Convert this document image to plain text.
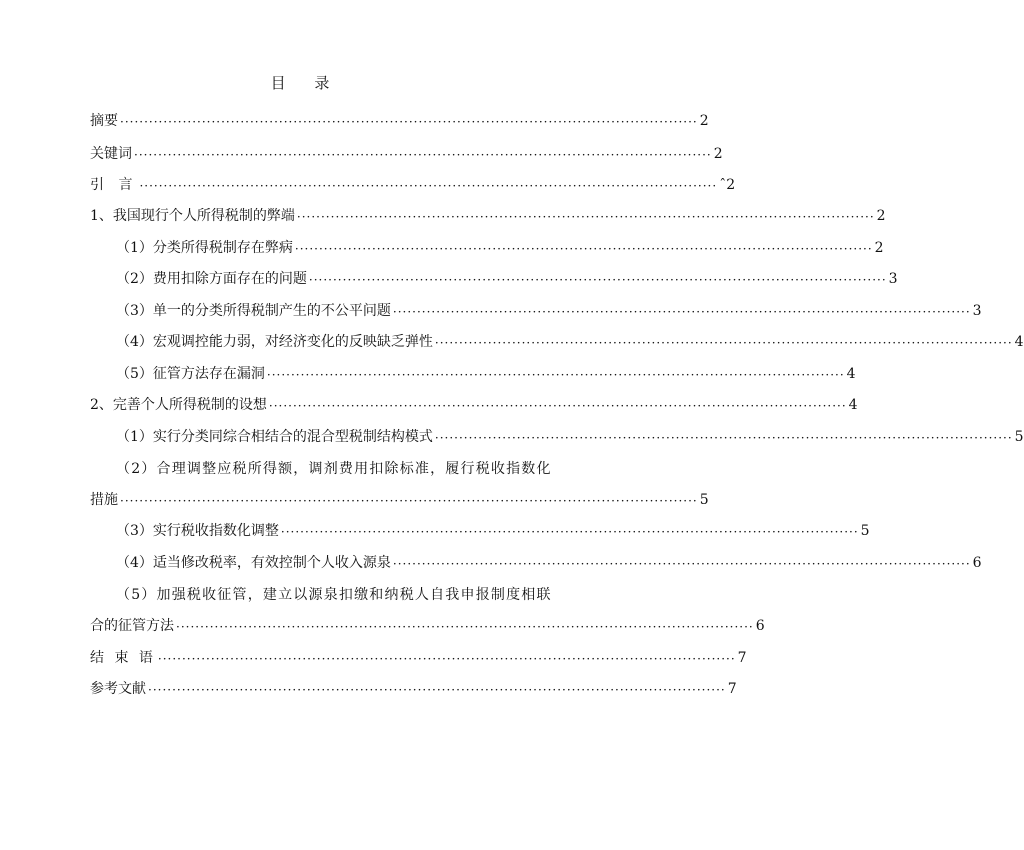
目 录
摘要 ························································································································ 2
关键词 ························································································································ 2
引 言 ························································································································ ˆ2
1、我国现行个人所得税制的弊端 ························································································································ 2
（1）分类所得税制存在弊病 ························································································································ 2
（2）费用扣除方面存在的问题 ························································································································ 3
（3）单一的分类所得税制产生的不公平问题 ························································································································ 3
（4）宏观调控能力弱，对经济变化的反映缺乏弹性 ························································································································ 4
（5）征管方法存在漏洞 ························································································································ 4
2、完善个人所得税制的设想 ························································································································ 4
（1）实行分类同综合相结合的混合型税制结构模式 ························································································································ 5
（2）合理调整应税所得额，调剂费用扣除标准，履行税收指数化
措施 ························································································································ 5
（3）实行税收指数化调整 ························································································································ 5
（4）适当修改税率，有效控制个人收入源泉 ························································································································ 6
（5）加强税收征管，建立以源泉扣缴和纳税人自我申报制度相联
合的征管方法 ························································································································ 6
结 束 语 ························································································································ 7
参考文献 ························································································································ 7
